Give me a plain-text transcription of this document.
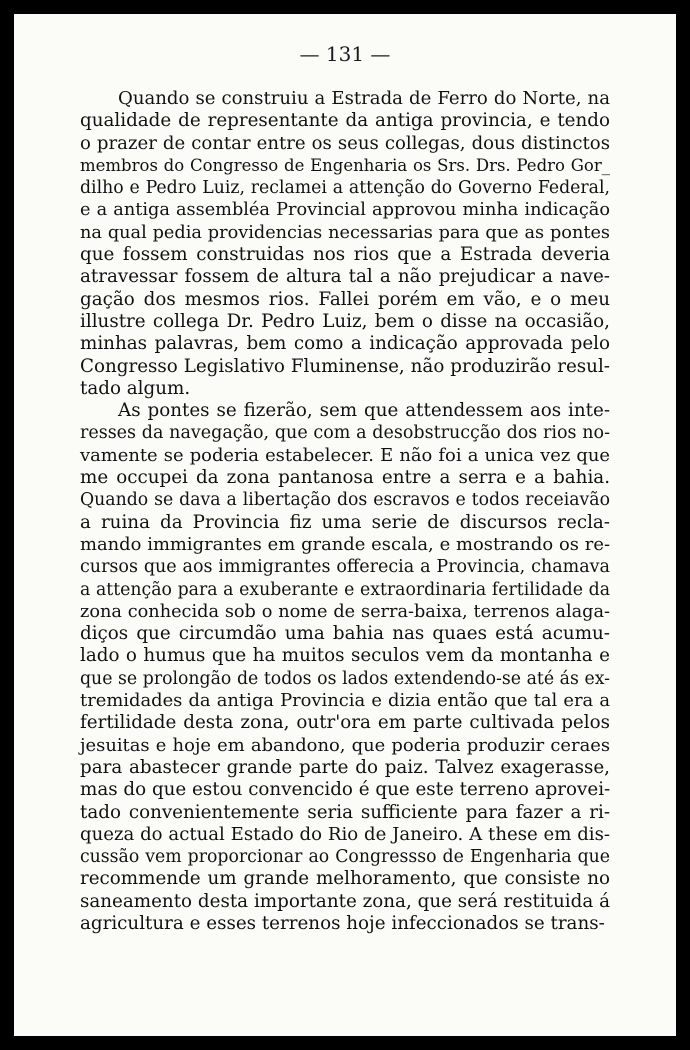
— 131 —

Quando se construiu a Estrada de Ferro do Norte, na
qualidade de representante da antiga provincia, e tendo
o prazer de contar entre os seus collegas, dous distinctos
membros do Congresso de Engenharia os Srs. Drs. Pedro Gor_
dilho e Pedro Luiz, reclamei a attenção do Governo Federal,
e a antiga assembléa Provincial approvou minha indicação
na qual pedia providencias necessarias para que as pontes
que fossem construidas nos rios que a Estrada deveria
atravessar fossem de altura tal a não prejudicar a nave-
gação dos mesmos rios. Fallei porém em vão, e o meu
illustre collega Dr. Pedro Luiz, bem o disse na occasião,
minhas palavras, bem como a indicação approvada pelo
Congresso Legislativo Fluminense, não produzirão resul-
tado algum.
As pontes se fizerão, sem que attendessem aos inte-
resses da navegação, que com a desobstrucção dos rios no-
vamente se poderia estabelecer. E não foi a unica vez que
me occupei da zona pantanosa entre a serra e a bahia.
Quando se dava a libertação dos escravos e todos receiavão
a ruina da Provincia fiz uma serie de discursos recla-
mando immigrantes em grande escala, e mostrando os re-
cursos que aos immigrantes offerecia a Provincia, chamava
a attenção para a exuberante e extraordinaria fertilidade da
zona conhecida sob o nome de serra-baixa, terrenos alaga-
diços que circumdão uma bahia nas quaes está acumu-
lado o humus que ha muitos seculos vem da montanha e
que se prolongão de todos os lados extendendo-se até ás ex-
tremidades da antiga Provincia e dizia então que tal era a
fertilidade desta zona, outr'ora em parte cultivada pelos
jesuitas e hoje em abandono, que poderia produzir ceraes
para abastecer grande parte do paiz. Talvez exagerasse,
mas do que estou convencido é que este terreno aprovei-
tado convenientemente seria sufficiente para fazer a ri-
queza do actual Estado do Rio de Janeiro. A these em dis-
cussão vem proporcionar ao Congressso de Engenharia que
recommende um grande melhoramento, que consiste no
saneamento desta importante zona, que será restituida á
agricultura e esses terrenos hoje infeccionados se trans-
